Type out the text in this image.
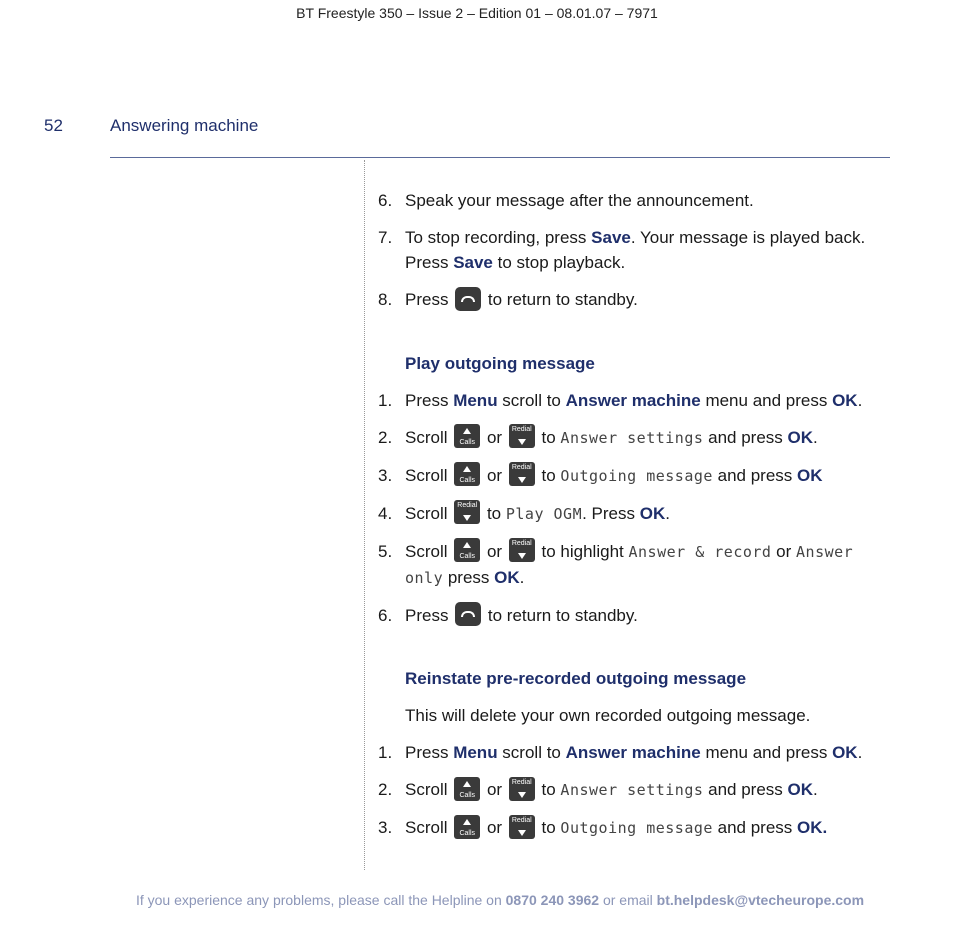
BT Freestyle 350 – Issue 2 – Edition 01 – 08.01.07 – 7971
52	Answering machine
6. Speak your message after the announcement.
7. To stop recording, press Save. Your message is played back. Press Save to stop playback.
8. Press
to return to standby.
Play outgoing message
1. Press Menu scroll to Answer machine menu and press OK.
2. Scroll	Calls or Redial to Answer settings and press OK.
3. Scroll	Calls or Redial to Outgoing message and press OK
4. Scroll Redial to Play OGM. Press OK.
5. Scroll	Calls or Redial to highlight Answer & record or Answer only press OK.
6. Press
to return to standby.
Reinstate pre-recorded outgoing message
This will delete your own recorded outgoing message.
1. Press Menu scroll to Answer machine menu and press OK.
2. Scroll	Calls or Redial to Answer settings and press OK.
3. Scroll	Calls or Redial to Outgoing message and press OK.
If you experience any problems, please call the Helpline on 0870 240 3962 or email bt.helpdesk@vtecheurope.com
